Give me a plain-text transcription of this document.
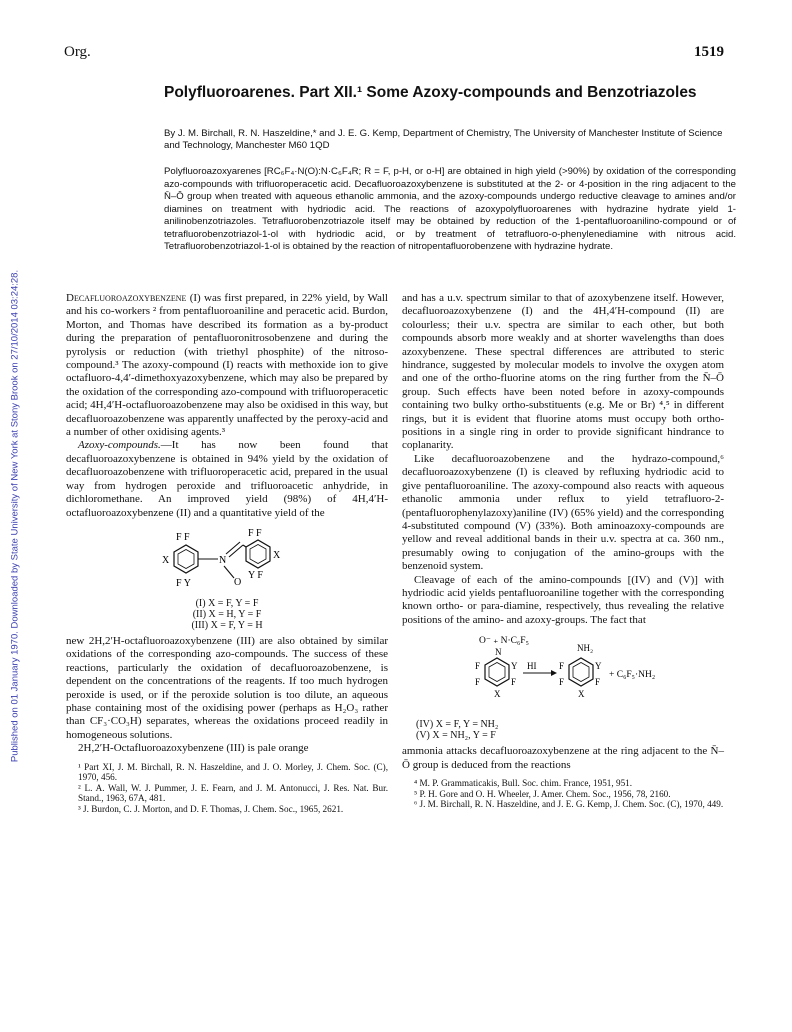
Published on 01 January 1970. Downloaded by State University of New York at Stony Brook on 27/10/2014 03:24:28.
Org.	1519
Polyfluoroarenes. Part XII.¹ Some Azoxy-compounds and Benzotriazoles
By J. M. Birchall, R. N. Haszeldine,* and J. E. G. Kemp, Department of Chemistry, The University of Manchester Institute of Science and Technology, Manchester M60 1QD
Polyfluoroazoxyarenes [RC₆F₄·N(O):N·C₆F₄R; R = F, p-H, or o-H] are obtained in high yield (>90%) by oxidation of the corresponding azo-compounds with trifluoroperacetic acid. Decafluoroazoxybenzene is substituted at the 2- or 4-position in the ring adjacent to the N̄–Ō group when treated with aqueous ethanolic ammonia, and the azoxy-compounds undergo reductive cleavage to amines and/or diamines on treatment with hydriodic acid. The reactions of azoxypolyfluoroarenes with hydrazine hydrate yield 1-anilinobenzotriazoles. Tetrafluorobenzotriazole itself may be obtained by reduction of the 1-pentafluoroanilino-compound or of tetrafluorobenzotriazol-1-ol with hydriodic acid, or by treatment of tetrafluoro-o-phenylenediamine with nitrous acid. Tetrafluorobenzotriazol-1-ol is obtained by the reaction of nitropentafluorobenzene with hydrazine hydrate.

Decafluoroazoxybenzene (I) was first prepared, in 22% yield, by Wall and his co-workers ² from pentafluoroaniline and peracetic acid. Burdon, Morton, and Thomas have described its formation as a by-product during the preparation of pentafluoronitrosobenzene and during the pyrolysis or reduction (with triethyl phosphite) of the nitroso-compound.³ The azoxy-compound (I) reacts with methoxide ion to give octafluoro-4,4′-dimethoxyazoxybenzene, which may also be prepared by the oxidation of the corresponding azo-compound with trifluoroperacetic acid; 4H,4′H-octafluoroazobenzene may also be oxidised in this way, but decafluoroazobenzene was apparently unaffected by the peroxy-acid and a number of other oxidising agents.³

Azoxy-compounds.—It has now been found that decafluoroazoxybenzene is obtained in 94% yield by the oxidation of decafluoroazobenzene with trifluoroperacetic acid, prepared in the usual way from hydrogen peroxide and trifluoroacetic anhydride, in dichloromethane. An improved yield (98%) of 4H,4′H-octafluoroazoxybenzene (II) and a quantitative yield of the

F F	F F
F Y
Y F
X	X
N
O
(I) X = F, Y = F
(II) X = H, Y = F
(III) X = F, Y = H

new 2H,2′H-octafluoroazoxybenzene (III) are also obtained by similar oxidations of the corresponding azo-compounds. The success of these reactions, particularly the oxidation of decafluoroazobenzene, is dependent on the concentrations of the reagents. If too much hydrogen peroxide is used, or if the peroxide solution is too dilute, an aqueous phase containing most of the oxidising power (perhaps as H₂O₃ rather than CF₃·CO₃H) separates, whereas the oxidations proceed readily in homogeneous solutions.

2H,2′H-Octafluoroazoxybenzene (III) is pale orange

¹ Part XI, J. M. Birchall, R. N. Haszeldine, and J. O. Morley, J. Chem. Soc. (C), 1970, 456.
² L. A. Wall, W. J. Pummer, J. E. Fearn, and J. M. Antonucci, J. Res. Nat. Bur. Stand., 1963, 67A, 481.
³ J. Burdon, C. J. Morton, and D. F. Thomas, J. Chem. Soc., 1965, 2621.

and has a u.v. spectrum similar to that of azoxybenzene itself. However, decafluoroazoxybenzene (I) and the 4H,4′H-compound (II) are colourless; their u.v. spectra are similar to each other, but both compounds absorb more weakly and at shorter wavelengths than does azoxybenzene. These spectral differences are attributed to steric hindrance, suggested by molecular models to involve the oxygen atom and one of the ortho-fluorine atoms on the ring further from the N̄–Ō group. Such effects have been noted before in azoxy-compounds containing two bulky ortho-substituents (e.g. Me or Br) ⁴,⁵ in different rings, but it is evident that fluorine atoms must occupy both ortho-positions in a single ring in order to provide significant hindrance to coplanarity.

Like decafluoroazobenzene and the hydrazo-compound,⁶ decafluoroazoxybenzene (I) is cleaved by refluxing hydriodic acid to give pentafluoroaniline. The azoxy-compound also reacts with aqueous ethanolic ammonia under reflux to yield tetrafluoro-2-(pentafluorophenylazoxy)aniline (IV) (65% yield) and the corresponding 4-substituted compound (V) (33%). Both aminoazoxy-compounds are yellow and reveal additional bands in their u.v. spectra at ca. 360 nm., presumably owing to conjugation of the amino-groups with the benzenoid system.

Cleavage of each of the amino-compounds [(IV) and (V)] with hydriodic acid yields pentafluoroaniline together with the corresponding known ortho- or para-diamine, respectively, thus revealing the relative positions of the amino- and azoxy-groups. The fact that

O⁻ ₊ N·C₆F₅
N
F
F
Y
F
X
HI
NH₂
F
F
Y
F
X
+ C₆F₅·NH₂
(IV) X = F, Y = NH₂
(V) X = NH₂, Y = F

ammonia attacks decafluoroazoxybenzene at the ring adjacent to the N̄–Ō group is deduced from the reactions

⁴ M. P. Grammaticakis, Bull. Soc. chim. France, 1951, 951.
⁵ P. H. Gore and O. H. Wheeler, J. Amer. Chem. Soc., 1956, 78, 2160.
⁶ J. M. Birchall, R. N. Haszeldine, and J. E. G. Kemp, J. Chem. Soc. (C), 1970, 449.
